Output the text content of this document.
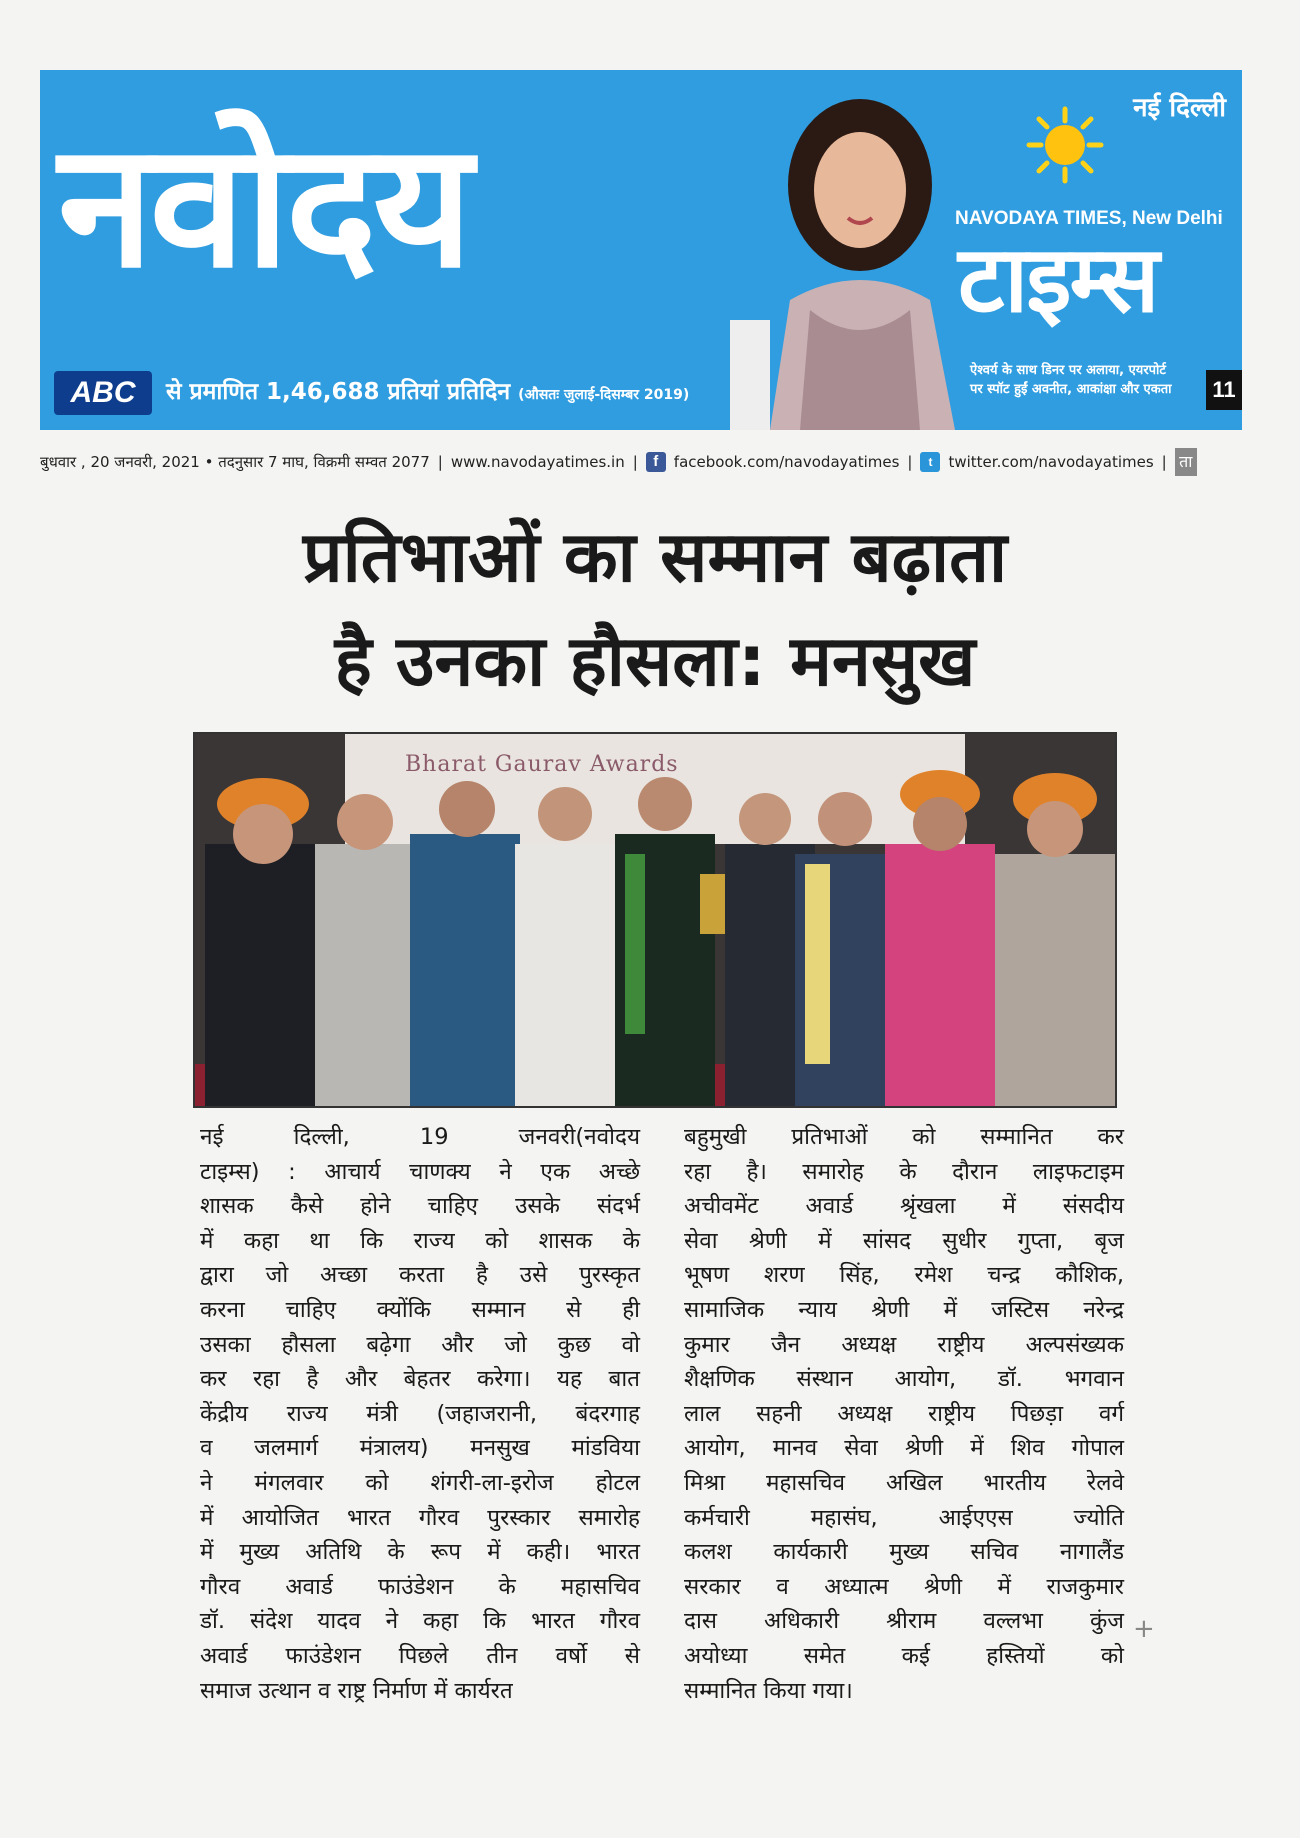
नवोदय	नई दिल्ली
NAVODAYA TIMES, New Delhi
टाइम्स
ऐश्वर्य के साथ डिनर पर अलाया, एयरपोर्ट
पर स्पॉट हुईं अवनीत, आकांक्षा और एकता	11
ABC	से प्रमाणित 1,46,688 प्रतियां प्रतिदिन (औसतः जुलाई-दिसम्बर 2019)
बुधवार , 20 जनवरी, 2021 • तदनुसार 7 माघ, विक्रमी सम्वत 2077 | www.navodayatimes.in |	f	facebook.com/navodayatimes |	t	twitter.com/navodayatimes | ता
प्रतिभाओं का सम्मान बढ़ाता
है उनका हौसला: मनसुख
Bharat Gaurav Awards
नई दिल्ली, 19 जनवरी(नवोदय
टाइम्स) : आचार्य चाणक्य ने एक अच्छे
शासक कैसे होने चाहिए उसके संदर्भ
में कहा था कि राज्य को शासक के
द्वारा जो अच्छा करता है उसे पुरस्कृत
करना चाहिए क्योंकि सम्मान से ही
उसका हौसला बढ़ेगा और जो कुछ वो
कर रहा है और बेहतर करेगा। यह बात
केंद्रीय राज्य मंत्री (जहाजरानी, बंदरगाह
व जलमार्ग मंत्रालय) मनसुख मांडविया
ने मंगलवार को शंगरी-ला-इरोज होटल
में आयोजित भारत गौरव पुरस्कार समारोह
में मुख्य अतिथि के रूप में कही। भारत
गौरव अवार्ड फाउंडेशन के महासचिव
डॉ. संदेश यादव ने कहा कि भारत गौरव
अवार्ड फाउंडेशन पिछले तीन वर्षो से
समाज उत्थान व राष्ट्र निर्माण में कार्यरत
बहुमुखी प्रतिभाओं को सम्मानित कर
रहा है। समारोह के दौरान लाइफटाइम
अचीवमेंट अवार्ड श्रृंखला में संसदीय
सेवा श्रेणी में सांसद सुधीर गुप्ता, बृज
भूषण शरण सिंह, रमेश चन्द्र कौशिक,
सामाजिक न्याय श्रेणी में जस्टिस नरेन्द्र
कुमार जैन अध्यक्ष राष्ट्रीय अल्पसंख्यक
शैक्षणिक संस्थान आयोग, डॉ. भगवान
लाल सहनी अध्यक्ष राष्ट्रीय पिछड़ा वर्ग
आयोग, मानव सेवा श्रेणी में शिव गोपाल
मिश्रा महासचिव अखिल भारतीय रेलवे
कर्मचारी महासंघ, आईएएस ज्योति
कलश कार्यकारी मुख्य सचिव नागालैंड
सरकार व अध्यात्म श्रेणी में राजकुमार
दास अधिकारी श्रीराम वल्लभा कुंज
अयोध्या समेत कई हस्तियों को
सम्मानित किया गया।
+
